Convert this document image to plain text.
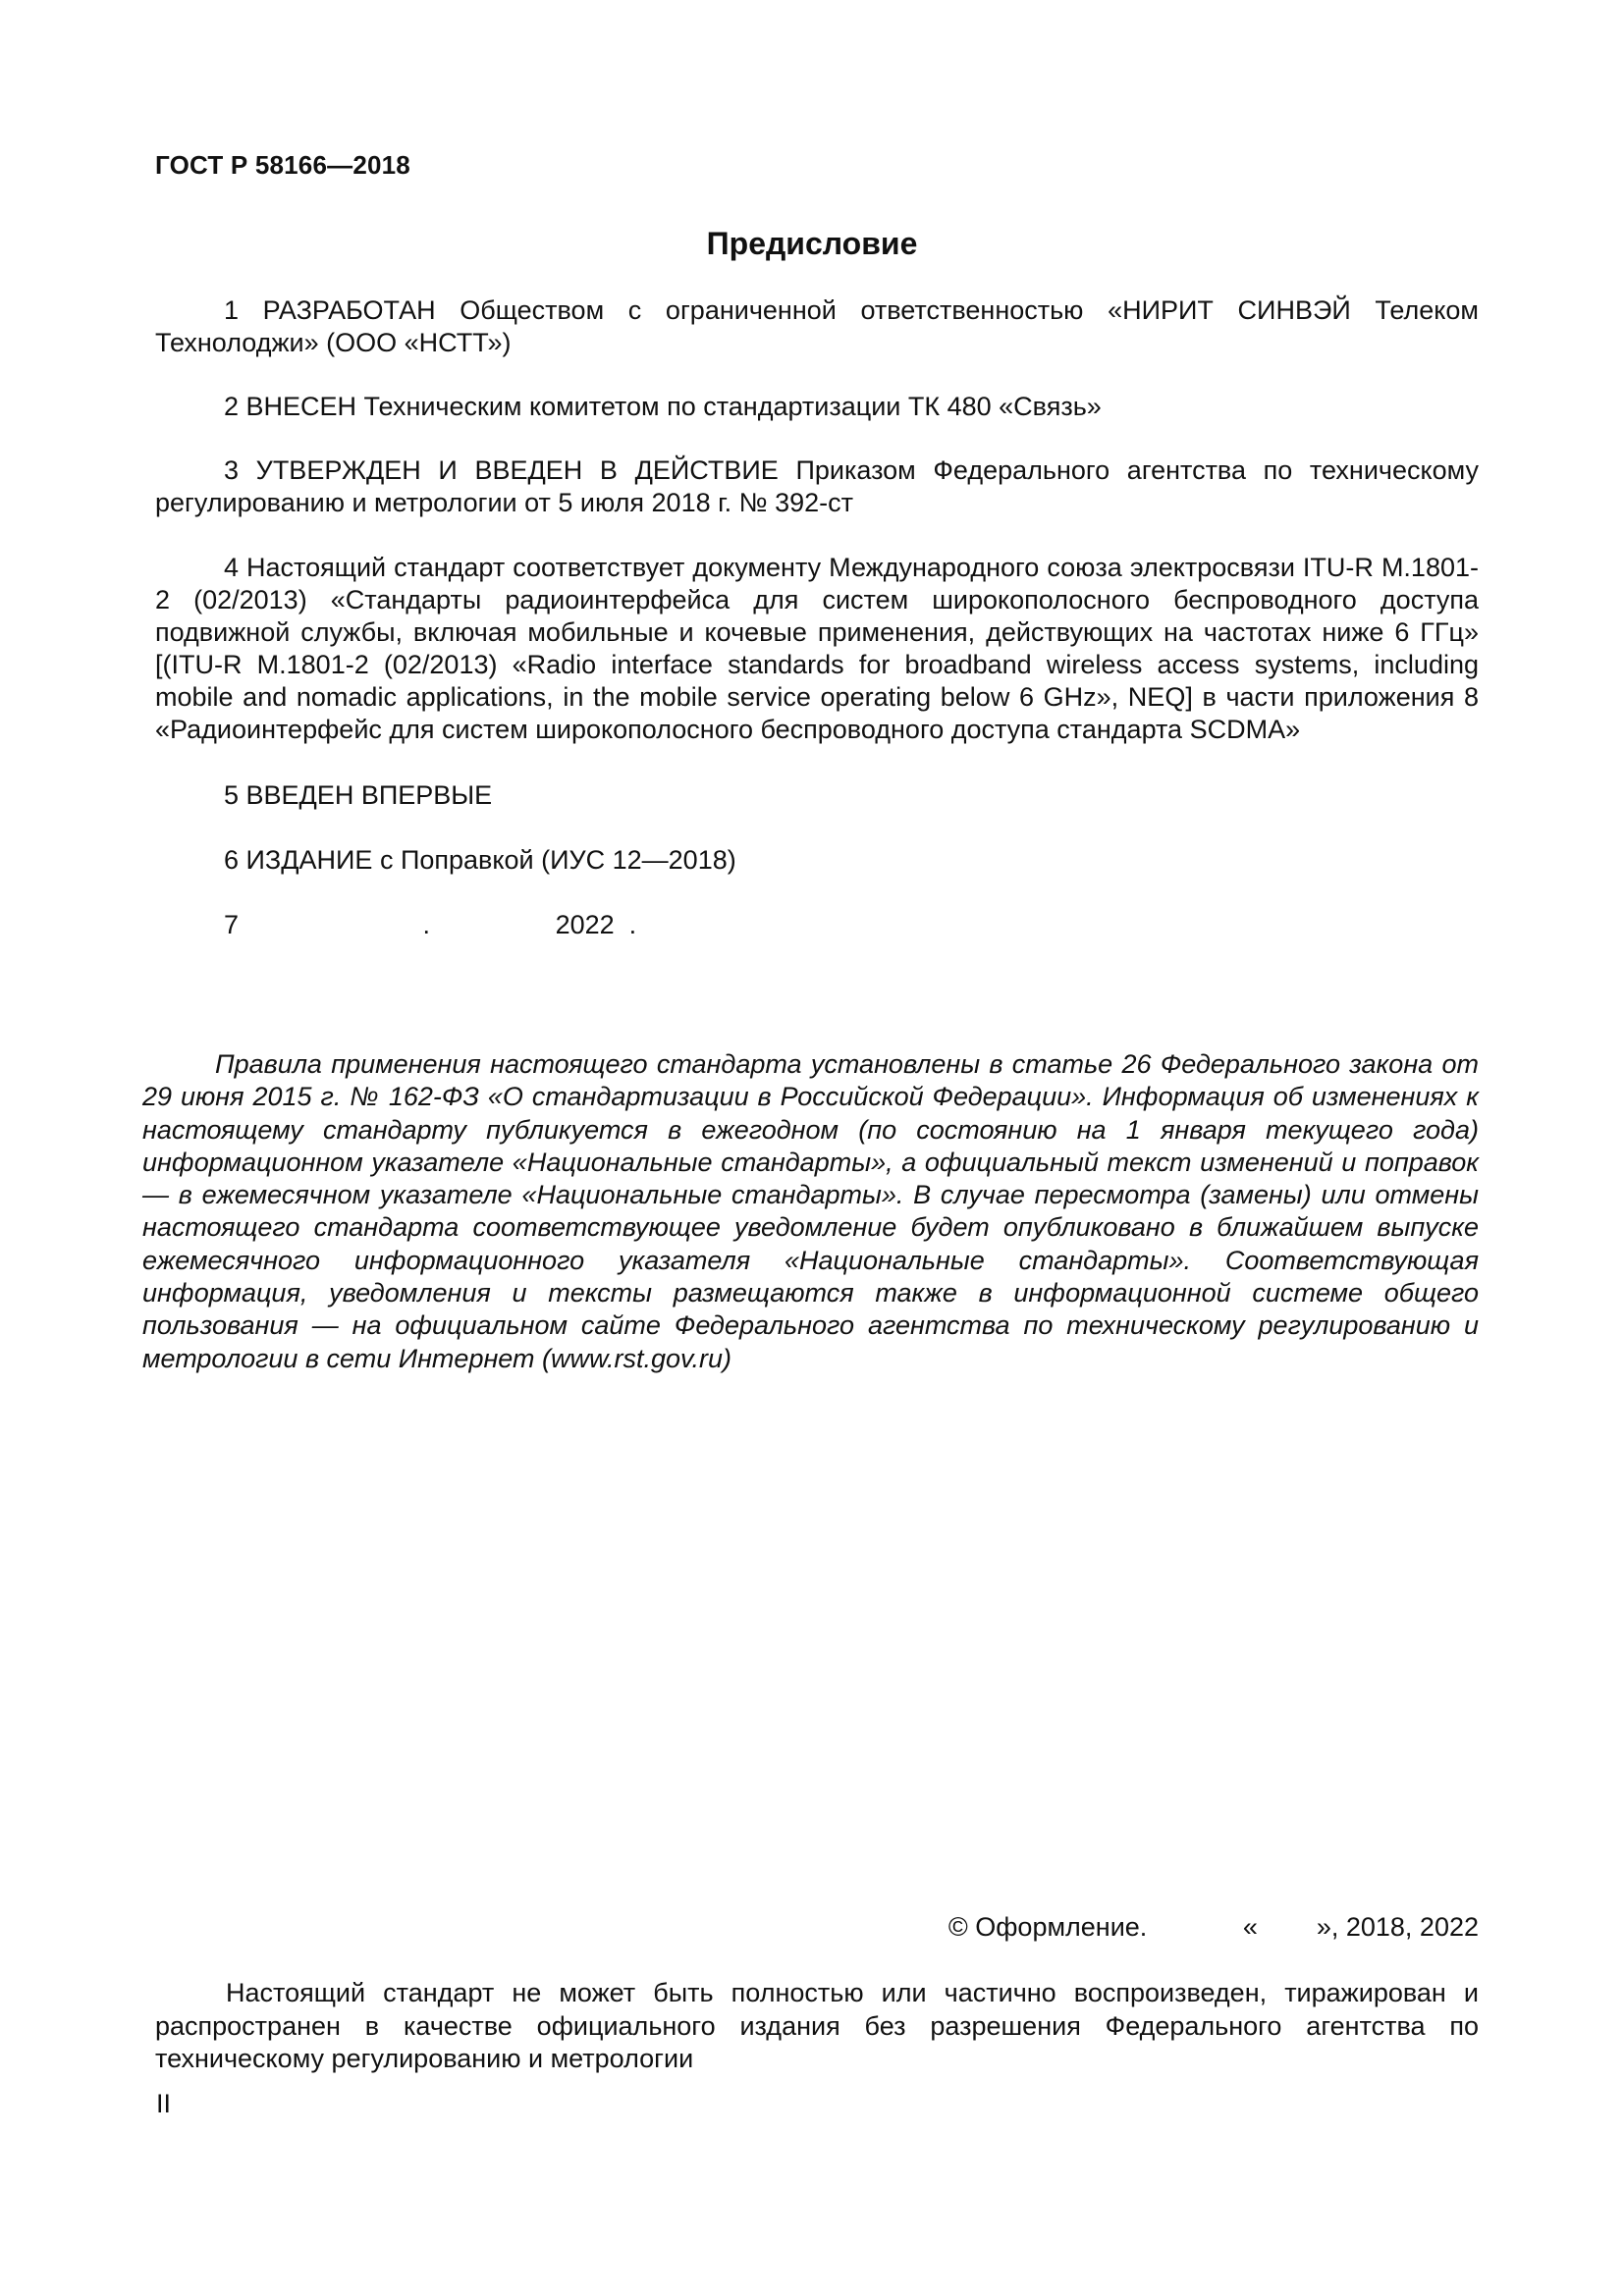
ГОСТ Р 58166—2018
Предисловие
1 РАЗРАБОТАН Обществом с ограниченной ответственностью «НИРИТ СИНВЭЙ Телеком Технолоджи» (ООО «НСТТ»)
2 ВНЕСЕН Техническим комитетом по стандартизации ТК 480 «Связь»
3 УТВЕРЖДЕН И ВВЕДЕН В ДЕЙСТВИЕ Приказом Федерального агентства по техническому регулированию и метрологии от 5 июля 2018 г. № 392-ст
4 Настоящий стандарт соответствует документу Международного союза электросвязи ITU-R M.1801-2 (02/2013) «Стандарты радиоинтерфейса для систем широкополосного беспроводного доступа подвижной службы, включая мобильные и кочевые применения, действующих на частотах ниже 6 ГГц» [(ITU-R M.1801-2 (02/2013) «Radio interface standards for broadband wireless access systems, including mobile and nomadic applications, in the mobile service operating below 6 GHz», NEQ] в части приложения 8 «Радиоинтерфейс для систем широкополосного беспроводного доступа стандарта SCDMA»
5 ВВЕДЕН ВПЕРВЫЕ
6 ИЗДАНИЕ с Поправкой (ИУС 12—2018)
7                         .                 2022  .
Правила применения настоящего стандарта установлены в статье 26 Федерального закона от 29 июня 2015 г. № 162-ФЗ «О стандартизации в Российской Федерации». Информация об изменениях к настоящему стандарту публикуется в ежегодном (по состоянию на 1 января текущего года) информационном указателе «Национальные стандарты», а официальный текст изменений и поправок — в ежемесячном указателе «Национальные стандарты». В случае пересмотра (замены) или отмены настоящего стандарта соответствующее уведомление будет опубликовано в ближайшем выпуске ежемесячного информационного указателя «Национальные стандарты». Соответствующая информация, уведомления и тексты размещаются также в информационной системе общего пользования — на официальном сайте Федерального агентства по техническому регулированию и метрологии в сети Интернет (www.rst.gov.ru)
© Оформление.             «        », 2018, 2022
Настоящий стандарт не может быть полностью или частично воспроизведен, тиражирован и распространен в качестве официального издания без разрешения Федерального агентства по техническому регулированию и метрологии
II
